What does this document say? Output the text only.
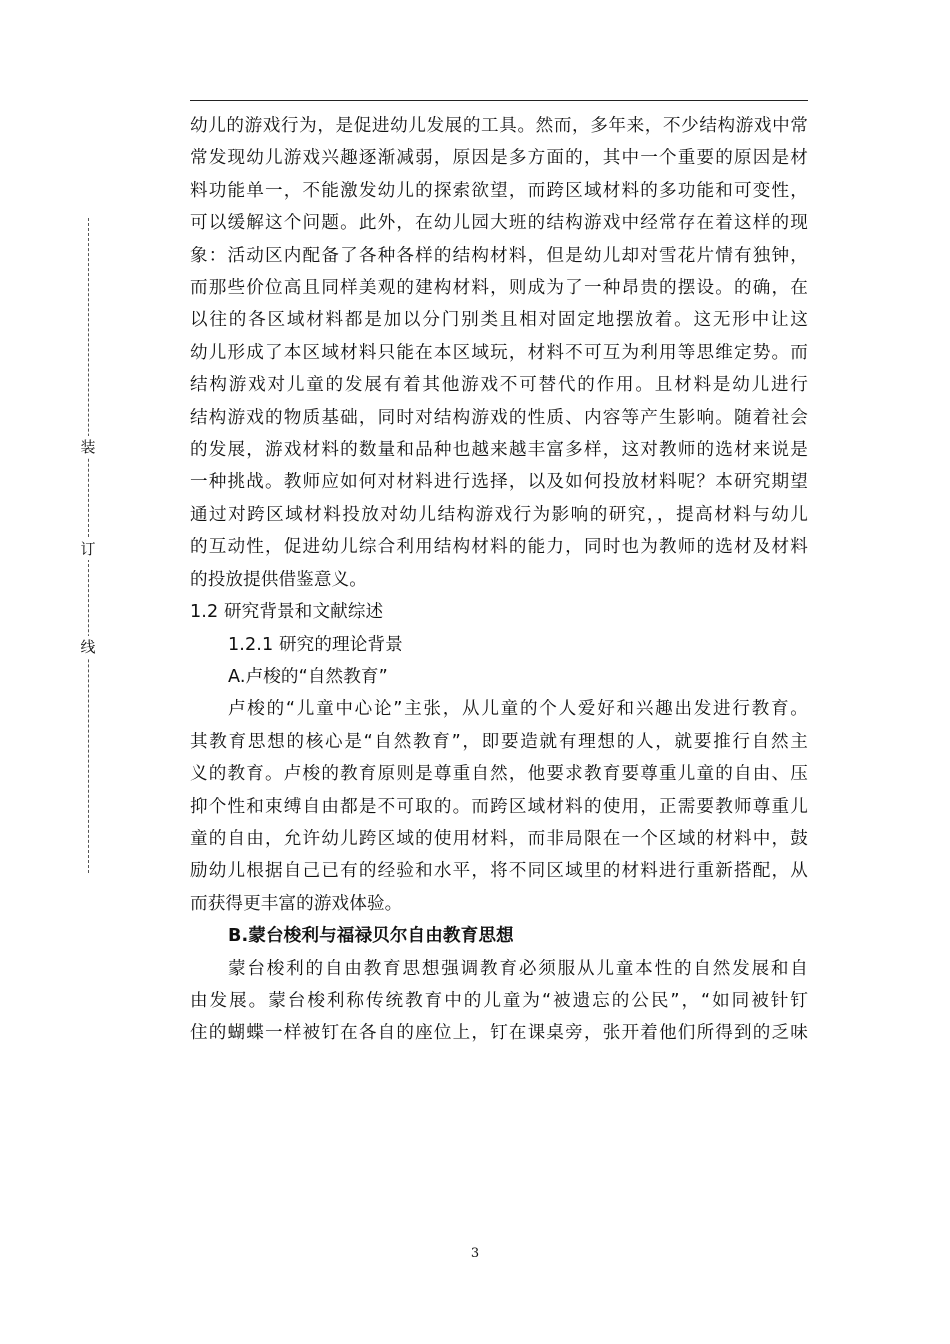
装
订
线

幼儿的游戏行为，是促进幼儿发展的工具。然而，多年来，不少结构游戏中常

常发现幼儿游戏兴趣逐渐减弱，原因是多方面的，其中一个重要的原因是材

料功能单一，不能激发幼儿的探索欲望，而跨区域材料的多功能和可变性，

可以缓解这个问题。此外，在幼儿园大班的结构游戏中经常存在着这样的现

象：活动区内配备了各种各样的结构材料，但是幼儿却对雪花片情有独钟，

而那些价位高且同样美观的建构材料，则成为了一种昂贵的摆设。的确，在

以往的各区域材料都是加以分门别类且相对固定地摆放着。这无形中让这

幼儿形成了本区域材料只能在本区域玩，材料不可互为利用等思维定势。而

结构游戏对儿童的发展有着其他游戏不可替代的作用。且材料是幼儿进行

结构游戏的物质基础，同时对结构游戏的性质、内容等产生影响。随着社会

的发展，游戏材料的数量和品种也越来越丰富多样，这对教师的选材来说是

一种挑战。教师应如何对材料进行选择，以及如何投放材料呢？本研究期望

通过对跨区域材料投放对幼儿结构游戏行为影响的研究，，提高材料与幼儿

的互动性，促进幼儿综合利用结构材料的能力，同时也为教师的选材及材料

的投放提供借鉴意义。

1.2 研究背景和文献综述
1.2.1 研究的理论背景
A.卢梭的“自然教育”

卢梭的“儿童中心论”主张，从儿童的个人爱好和兴趣出发进行教育。

其教育思想的核心是“自然教育”，即要造就有理想的人，就要推行自然主

义的教育。卢梭的教育原则是尊重自然，他要求教育要尊重儿童的自由、压

抑个性和束缚自由都是不可取的。而跨区域材料的使用，正需要教师尊重儿

童的自由，允许幼儿跨区域的使用材料，而非局限在一个区域的材料中，鼓

励幼儿根据自己已有的经验和水平，将不同区域里的材料进行重新搭配，从

而获得更丰富的游戏体验。

B.蒙台梭利与福禄贝尔自由教育思想

蒙台梭利的自由教育思想强调教育必须服从儿童本性的自然发展和自

由发展。蒙台梭利称传统教育中的儿童为“被遗忘的公民”，“如同被针钉

住的蝴蝶一样被钉在各自的座位上，钉在课桌旁，张开着他们所得到的乏味

3
